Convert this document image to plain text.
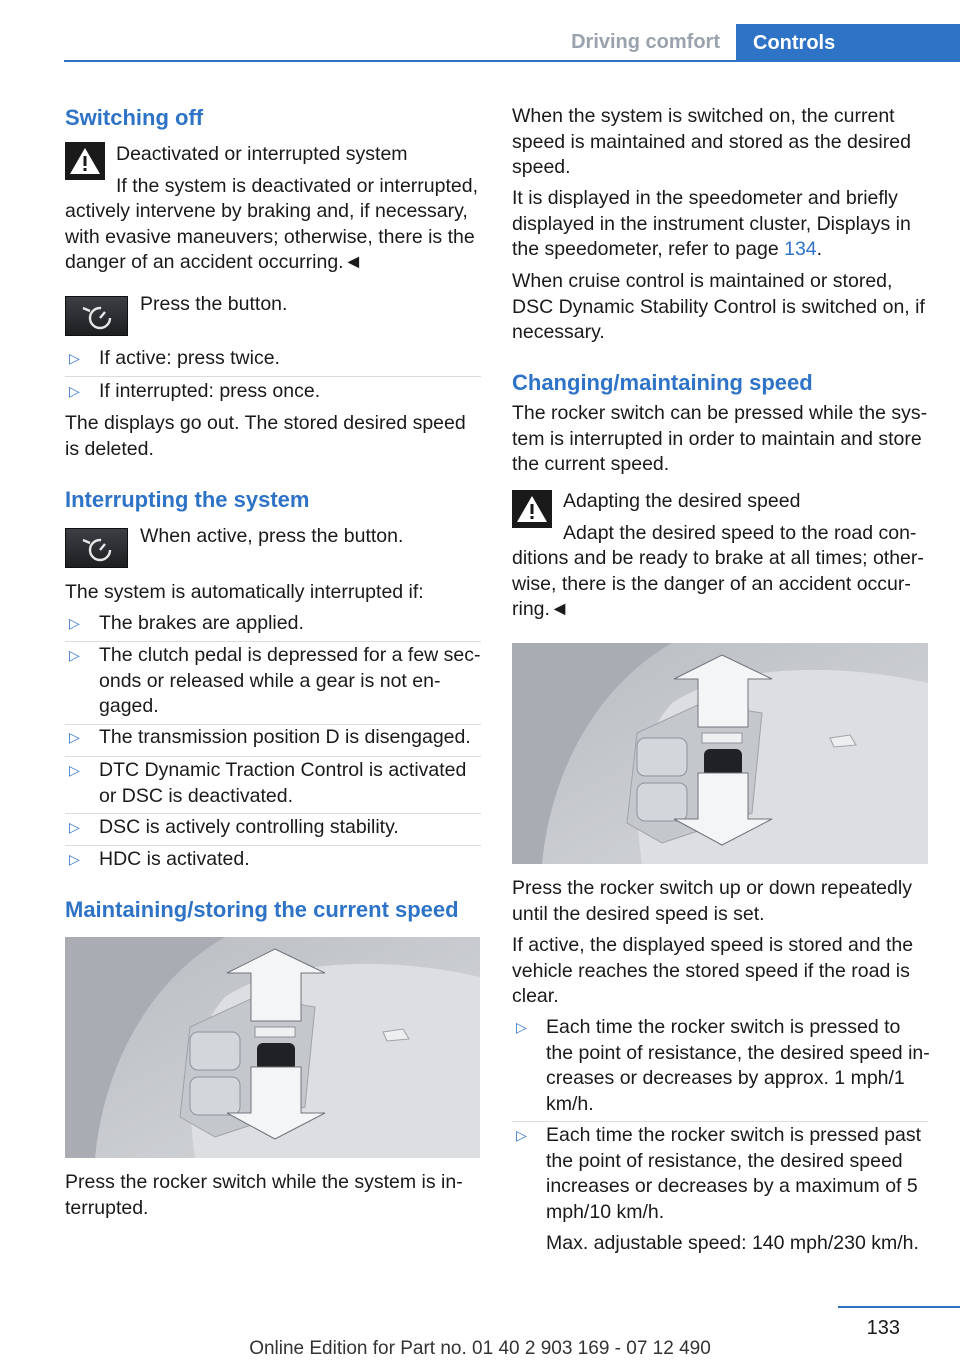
Driving comfort	Controls
Switching off
Deactivated or interrupted system
If the system is deactivated or interrupted,
actively intervene by braking and, if necessary, with evasive maneuvers; otherwise, there is the danger of an accident occurring.◄
Press the button.
▷ If active: press twice.
▷ If interrupted: press once.
The displays go out. The stored desired speed is deleted.
Interrupting the system
When active, press the button.
The system is automatically interrupted if:
▷ The brakes are applied.
▷ The clutch pedal is depressed for a few sec‐onds or released while a gear is not en‐gaged.
▷ The transmission position D is disengaged.
▷ DTC Dynamic Traction Control is activated or DSC is deactivated.
▷ DSC is actively controlling stability.
▷ HDC is activated.
Maintaining/storing the current speed
Press the rocker switch while the system is in‐terrupted.
When the system is switched on, the current speed is maintained and stored as the desired speed.
It is displayed in the speedometer and briefly displayed in the instrument cluster, Displays in the speedometer, refer to page 134.
When cruise control is maintained or stored, DSC Dynamic Stability Control is switched on, if necessary.
Changing/maintaining speed
The rocker switch can be pressed while the sys‐tem is interrupted in order to maintain and store the current speed.
Adapting the desired speed
Adapt the desired speed to the road con‐
ditions and be ready to brake at all times; other‐wise, there is the danger of an accident occur‐ring.◄
Press the rocker switch up or down repeatedly until the desired speed is set.
If active, the displayed speed is stored and the vehicle reaches the stored speed if the road is clear.
▷ Each time the rocker switch is pressed to the point of resistance, the desired speed in‐creases or decreases by approx. 1 mph/1 km/h.
▷ Each time the rocker switch is pressed past the point of resistance, the desired speed increases or decreases by a maximum of 5 mph/10 km/h.
Max. adjustable speed: 140 mph/230 km/h.
133
Online Edition for Part no. 01 40 2 903 169 - 07 12 490
